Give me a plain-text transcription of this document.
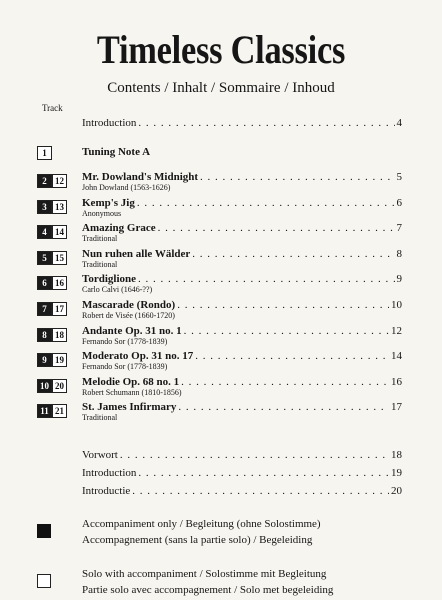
Timeless Classics
Contents / Inhalt / Sommaire / Inhoud
Track
Introduction . . .	4
1	Tuning Note A
2 12 Mr. Dowland's Midnight . . .	5
John Dowland (1563-1626)
3 13 Kemp's Jig . . .	6
Anonymous
4 14 Amazing Grace . . .	7
Traditional
5 15 Nun ruhen alle Wälder . . .	8
Traditional
6 16 Tordiglione . . .	9
Carlo Calvi (1646-??)
7 17 Mascarade (Rondo) . . .	10
Robert de Visée (1660-1720)
8 18 Andante Op. 31 no. 1 . . .	12
Fernando Sor (1778-1839)
9 19 Moderato Op. 31 no. 17 . . .	14
Fernando Sor (1778-1839)
10 20 Melodie Op. 68 no. 1 . . .	16
Robert Schumann (1810-1856)
11 21 St. James Infirmary . . .	17
Traditional
Vorwort . . .	18
Introduction . . .	19
Introductie . . .	20
Accompaniment only / Begleitung (ohne Solostimme)
Accompagnement (sans la partie solo) / Begeleiding
Solo with accompaniment / Solostimme mit Begleitung
Partie solo avec accompagnement / Solo met begeleiding
